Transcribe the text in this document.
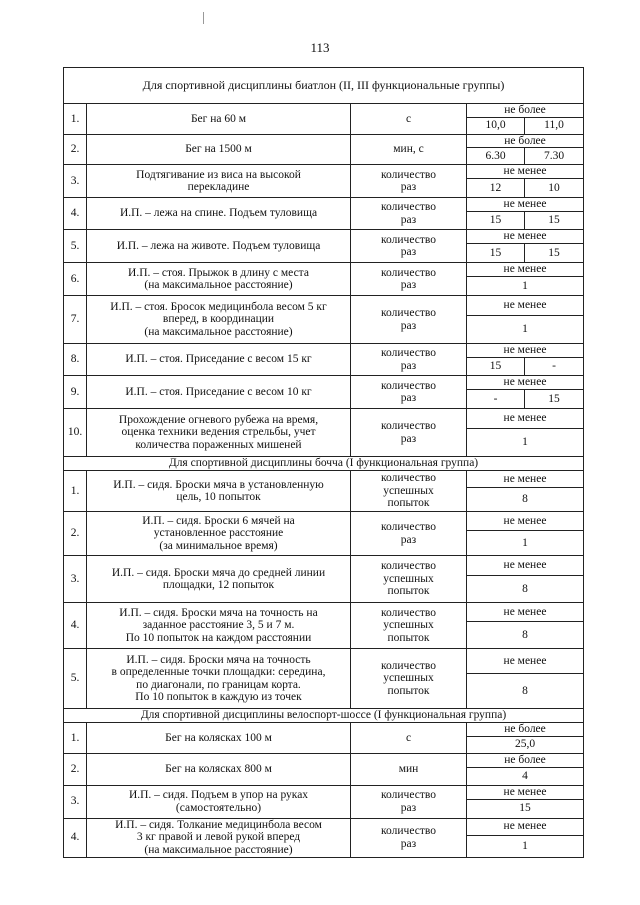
113
Для спортивной дисциплины биатлон (II, III функциональные группы)				
1.	Бег на 60 м	с	не более	
			10,0	11,0
2.	Бег на 1500 м	мин, с	не более	
			6.30	7.30
3.	Подтягивание из виса на высокой
перекладине	количество
раз	не менее	
			12	10
4.	И.П. – лежа на спине. Подъем туловища	количество
раз	не менее	
			15	15
5.	И.П. – лежа на животе. Подъем туловища	количество
раз	не менее	
			15	15
6.	И.П. – стоя. Прыжок в длину с места
(на максимальное расстояние)	количество
раз	не менее	
			1	
7.	И.П. – стоя. Бросок медицинбола весом 5 кг
вперед, в координации
(на максимальное расстояние)	количество
раз	не менее	
			1	
8.	И.П. – стоя. Приседание с весом 15 кг	количество
раз	не менее	
			15	-
9.	И.П. – стоя. Приседание с весом 10 кг	количество
раз	не менее	
			-	15
10.	Прохождение огневого рубежа на время,
оценка техники ведения стрельбы, учет
количества пораженных мишеней	количество
раз	не менее	
			1	
Для спортивной дисциплины бочча (I функциональная группа)				
1.	И.П. – сидя. Броски мяча в установленную
цель, 10 попыток	количество
успешных
попыток	не менее	
			8	
2.	И.П. – сидя. Броски 6 мячей на
установленное расстояние
(за минимальное время)	количество
раз	не менее	
			1	
3.	И.П. – сидя. Броски мяча до средней линии
площадки, 12 попыток	количество
успешных
попыток	не менее	
			8	
4.	И.П. – сидя. Броски мяча на точность на
заданное расстояние 3, 5 и 7 м.
По 10 попыток на каждом расстоянии	количество
успешных
попыток	не менее	
			8	
5.	И.П. – сидя. Броски мяча на точность
в определенные точки площадки: середина,
по диагонали, по границам корта.
По 10 попыток в каждую из точек	количество
успешных
попыток	не менее	
			8	
Для спортивной дисциплины велоспорт-шоссе (I функциональная группа)				
1.	Бег на колясках 100 м	с	не более	
			25,0	
2.	Бег на колясках 800 м	мин	не более	
			4	
3.	И.П. – сидя. Подъем в упор на руках
(самостоятельно)	количество
раз	не менее	
			15	
4.	И.П. – сидя. Толкание медицинбола весом
3 кг правой и левой рукой вперед
(на максимальное расстояние)	количество
раз	не менее	
			1	
